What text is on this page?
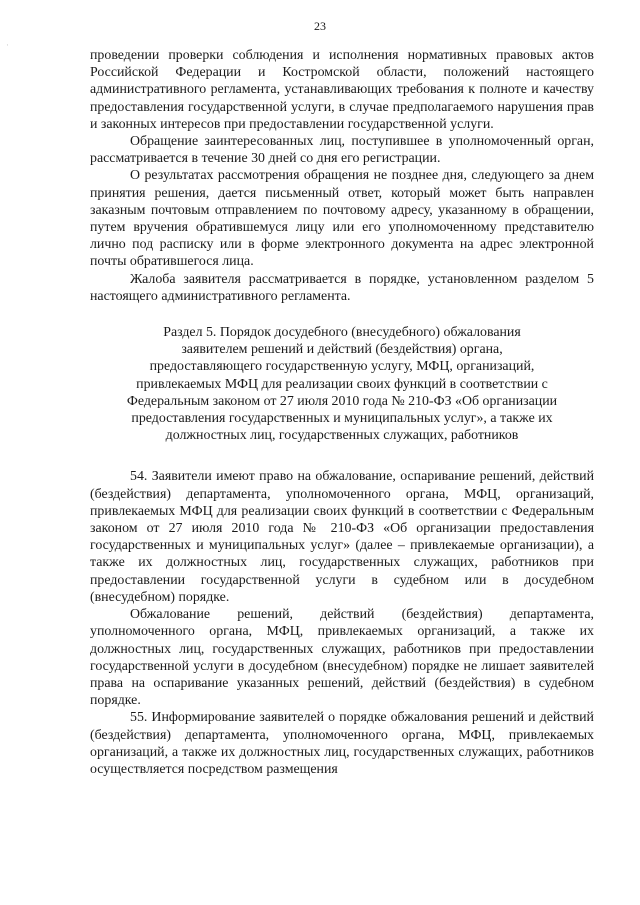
·
23

проведении проверки соблюдения и исполнения нормативных правовых актов Российской Федерации и Костромской области, положений настоящего административного регламента, устанавливающих требования к полноте и качеству предоставления государственной услуги, в случае предполагаемого нарушения прав и законных интересов при предоставлении государственной услуги.

Обращение заинтересованных лиц, поступившее в уполномоченный орган, рассматривается в течение 30 дней со дня его регистрации.

О результатах рассмотрения обращения не позднее дня, следующего за днем принятия решения, дается письменный ответ, который может быть направлен заказным почтовым отправлением по почтовому адресу, указанному в обращении, путем вручения обратившемуся лицу или его уполномоченному представителю лично под расписку или в форме электронного документа на адрес электронной почты обратившегося лица.

Жалоба заявителя рассматривается в порядке, установленном разделом 5 настоящего административного регламента.

Раздел 5. Порядок досудебного (внесудебного) обжалования

заявителем решений и действий (бездействия) органа,

предоставляющего государственную услугу, МФЦ, организаций,

привлекаемых МФЦ для реализации своих функций в соответствии с

Федеральным законом от 27 июля 2010 года № 210-ФЗ «Об организации

предоставления государственных и муниципальных услуг», а также их

должностных лиц, государственных служащих, работников

54. Заявители имеют право на обжалование, оспаривание решений, действий (бездействия) департамента, уполномоченного органа, МФЦ, организаций, привлекаемых МФЦ для реализации своих функций в соответствии с Федеральным законом от 27 июля 2010 года № 210-ФЗ «Об организации предоставления государственных и муниципальных услуг» (далее – привлекаемые организации), а также их должностных лиц, государственных служащих, работников при предоставлении государственной услуги в судебном или в досудебном (внесудебном) порядке.

Обжалование решений, действий (бездействия) департамента, уполномоченного органа, МФЦ, привлекаемых организаций, а также их должностных лиц, государственных служащих, работников при предоставлении государственной услуги в досудебном (внесудебном) порядке не лишает заявителей права на оспаривание указанных решений, действий (бездействия) в судебном порядке.

55. Информирование заявителей о порядке обжалования решений и действий (бездействия) департамента, уполномоченного органа, МФЦ, привлекаемых организаций, а также их должностных лиц, государственных служащих, работников осуществляется посредством размещения
